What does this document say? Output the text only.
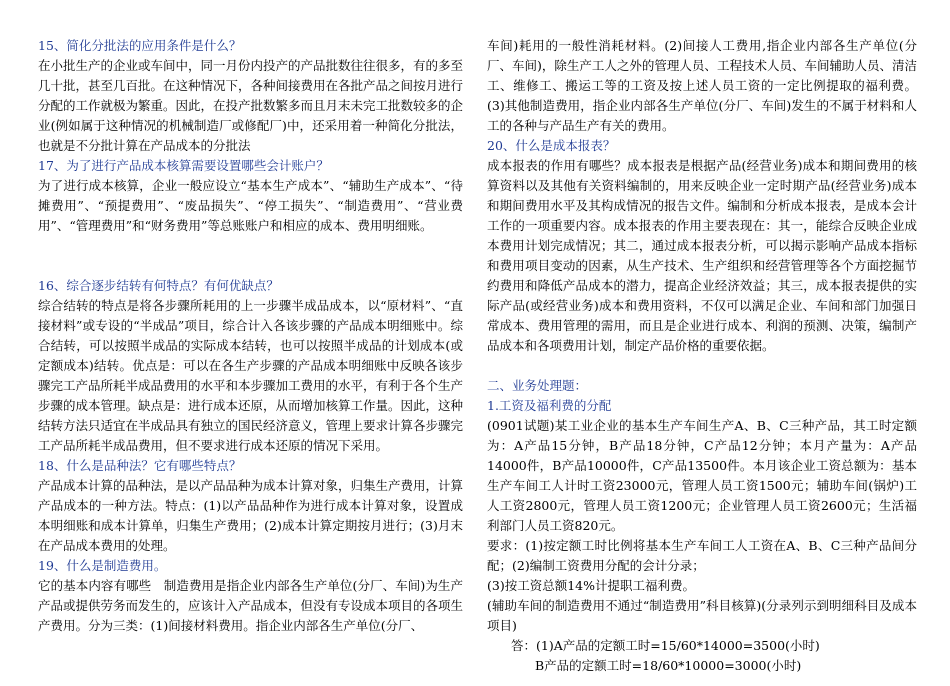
15、简化分批法的应用条件是什么？

在小批生产的企业或车间中，同一月份内投产的产品批数往往很多，有的多至几十批，甚至几百批。在这种情况下，各种间接费用在各批产品之间按月进行分配的工作就极为繁重。因此，在投产批数繁多而且月末未完工批数较多的企业(例如属于这种情况的机械制造厂或修配厂)中，还采用着一种简化分批法，也就是不分批计算在产品成本的分批法

17、为了进行产品成本核算需要设置哪些会计账户？

为了进行成本核算，企业一般应设立“基本生产成本”、“辅助生产成本”、“待摊费用”、“预提费用”、“废品损失”、“停工损失”、“制造费用”、“营业费用”、“管理费用”和“财务费用”等总账账户和相应的成本、费用明细账。

16、综合逐步结转有何特点？有何优缺点？

综合结转的特点是将各步骤所耗用的上一步骤半成品成本，以“原材料”、“直接材料”或专设的“半成品”项目，综合计入各该步骤的产品成本明细账中。综合结转，可以按照半成品的实际成本结转，也可以按照半成品的计划成本(或定额成本)结转。优点是：可以在各生产步骤的产品成本明细账中反映各该步骤完工产品所耗半成品费用的水平和本步骤加工费用的水平，有利于各个生产步骤的成本管理。缺点是：进行成本还原，从而增加核算工作量。因此，这种结转方法只适宜在半成品具有独立的国民经济意义，管理上要求计算各步骤完工产品所耗半成品费用，但不要求进行成本还原的情况下采用。

18、什么是品种法？它有哪些特点？

产品成本计算的品种法，是以产品品种为成本计算对象，归集生产费用，计算产品成本的一种方法。特点：(1)以产品品种作为进行成本计算对象，设置成本明细账和成本计算单，归集生产费用；(2)成本计算定期按月进行；(3)月末在产品成本费用的处理。

19、什么是制造费用。

它的基本内容有哪些　制造费用是指企业内部各生产单位(分厂、车间)为生产产品或提供劳务而发生的，应该计入产品成本，但没有专设成本项目的各项生产费用。分为三类：(1)间接材料费用。指企业内部各生产单位(分厂、

车间)耗用的一般性消耗材料。(2)间接人工费用,指企业内部各生产单位(分厂、车间)，除生产工人之外的管理人员、工程技术人员、车间辅助人员、清洁工、维修工、搬运工等的工资及按上述人员工资的一定比例提取的福利费。(3)其他制造费用，指企业内部各生产单位(分厂、车间)发生的不属于材料和人工的各种与产品生产有关的费用。

20、什么是成本报表？

成本报表的作用有哪些？成本报表是根据产品(经营业务)成本和期间费用的核算资料以及其他有关资料编制的，用来反映企业一定时期产品(经营业务)成本和期间费用水平及其构成情况的报告文件。编制和分析成本报表，是成本会计工作的一项重要内容。成本报表的作用主要表现在：其一，能综合反映企业成本费用计划完成情况；其二，通过成本报表分析，可以揭示影响产品成本指标和费用项目变动的因素，从生产技术、生产组织和经营管理等各个方面挖掘节约费用和降低产品成本的潜力，提高企业经济效益；其三，成本报表提供的实际产品(或经营业务)成本和费用资料，不仅可以满足企业、车间和部门加强日常成本、费用管理的需用，而且是企业进行成本、利润的预测、决策，编制产品成本和各项费用计划，制定产品价格的重要依据。

二、业务处理题：

1.工资及福利费的分配

(0901试题)某工业企业的基本生产车间生产A、B、C三种产品，其工时定额为：A产品15分钟，B产品18分钟，C产品12分钟；本月产量为：A产品14000件，B产品10000件，C产品13500件。本月该企业工资总额为：基本生产车间工人计时工资23000元，管理人员工资1500元；辅助车间(锅炉)工人工资2800元，管理人员工资1200元；企业管理人员工资2600元；生活福利部门人员工资820元。

要求：(1)按定额工时比例将基本生产车间工人工资在A、B、C三种产品间分配；(2)编制工资费用分配的会计分录；

(3)按工资总额14%计提职工福利费。

(辅助车间的制造费用不通过“制造费用”科目核算)(分录列示到明细科目及成本项目)

答：(1)A产品的定额工时=15/60*14000=3500(小时)

B产品的定额工时=18/60*10000=3000(小时)
